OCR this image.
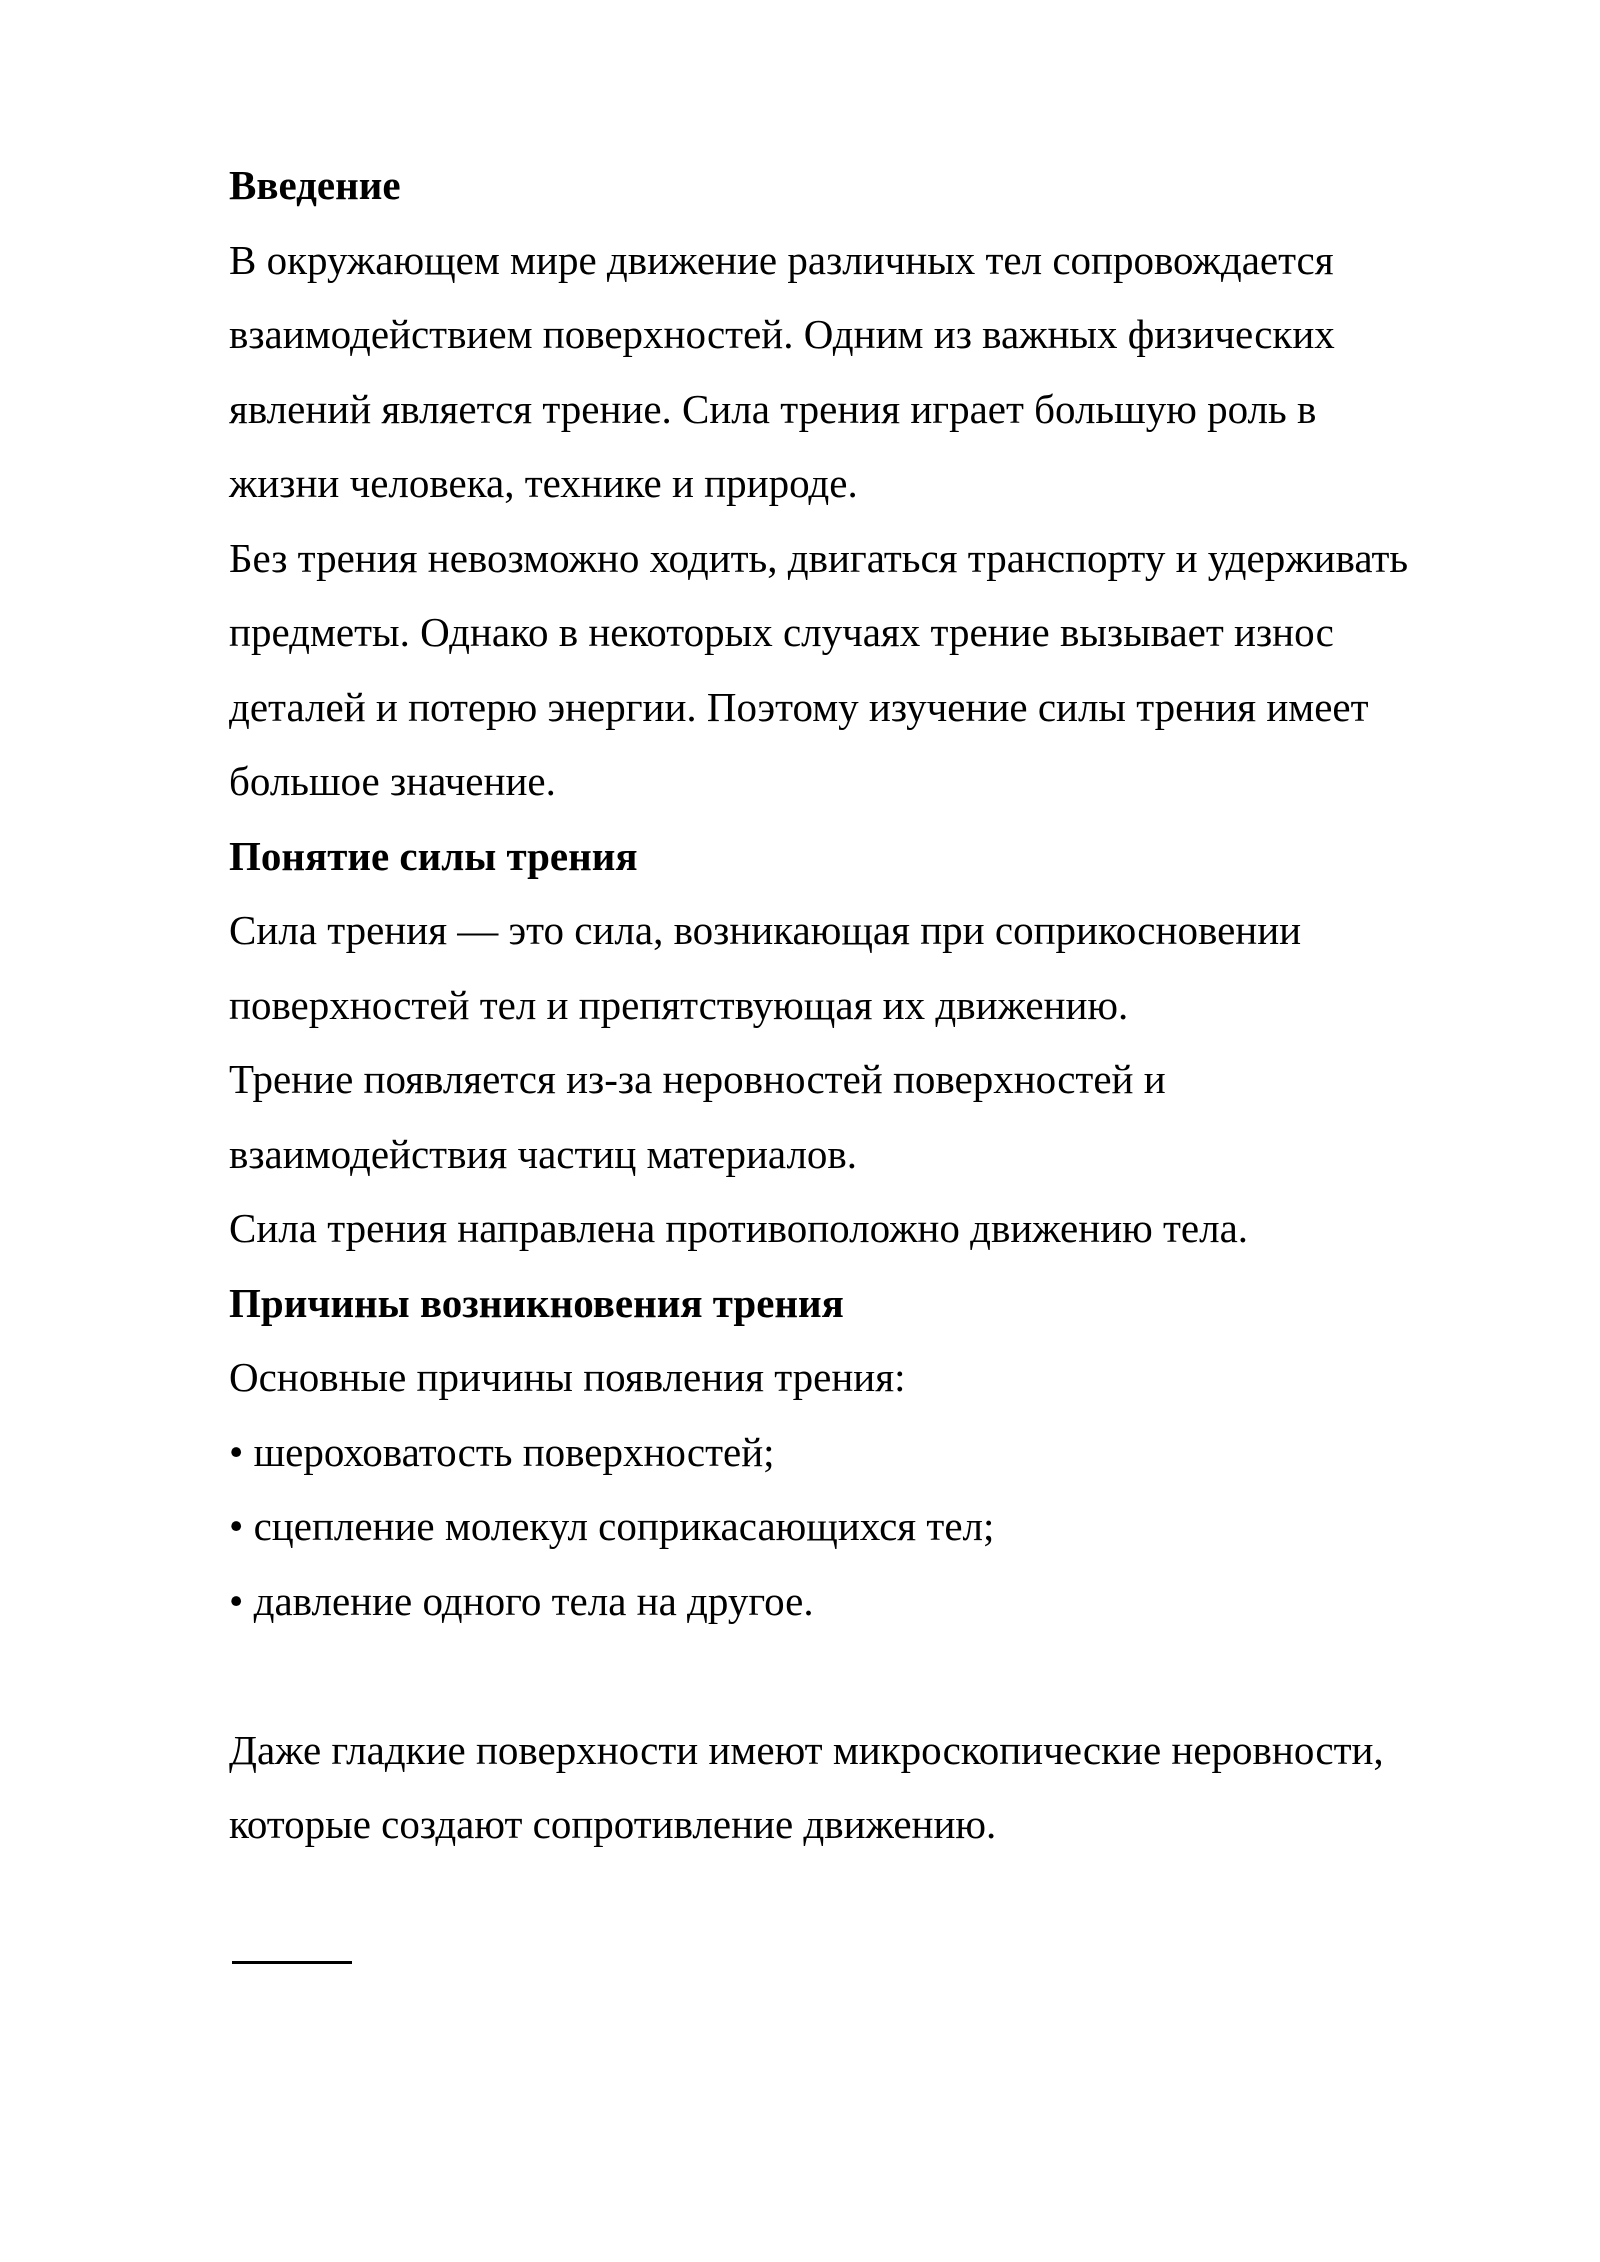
Введение

В окружающем мире движение различных тел сопровождается

взаимодействием поверхностей. Одним из важных физических

явлений является трение. Сила трения играет большую роль в

жизни человека, технике и природе.

Без трения невозможно ходить, двигаться транспорту и удерживать

предметы. Однако в некоторых случаях трение вызывает износ

деталей и потерю энергии. Поэтому изучение силы трения имеет

большое значение.

Понятие силы трения

Сила трения — это сила, возникающая при соприкосновении

поверхностей тел и препятствующая их движению.

Трение появляется из-за неровностей поверхностей и

взаимодействия частиц материалов.

Сила трения направлена противоположно движению тела.

Причины возникновения трения

Основные причины появления трения:

• шероховатость поверхностей;

• сцепление молекул соприкасающихся тел;

• давление одного тела на другое.

Даже гладкие поверхности имеют микроскопические неровности,

которые создают сопротивление движению.
